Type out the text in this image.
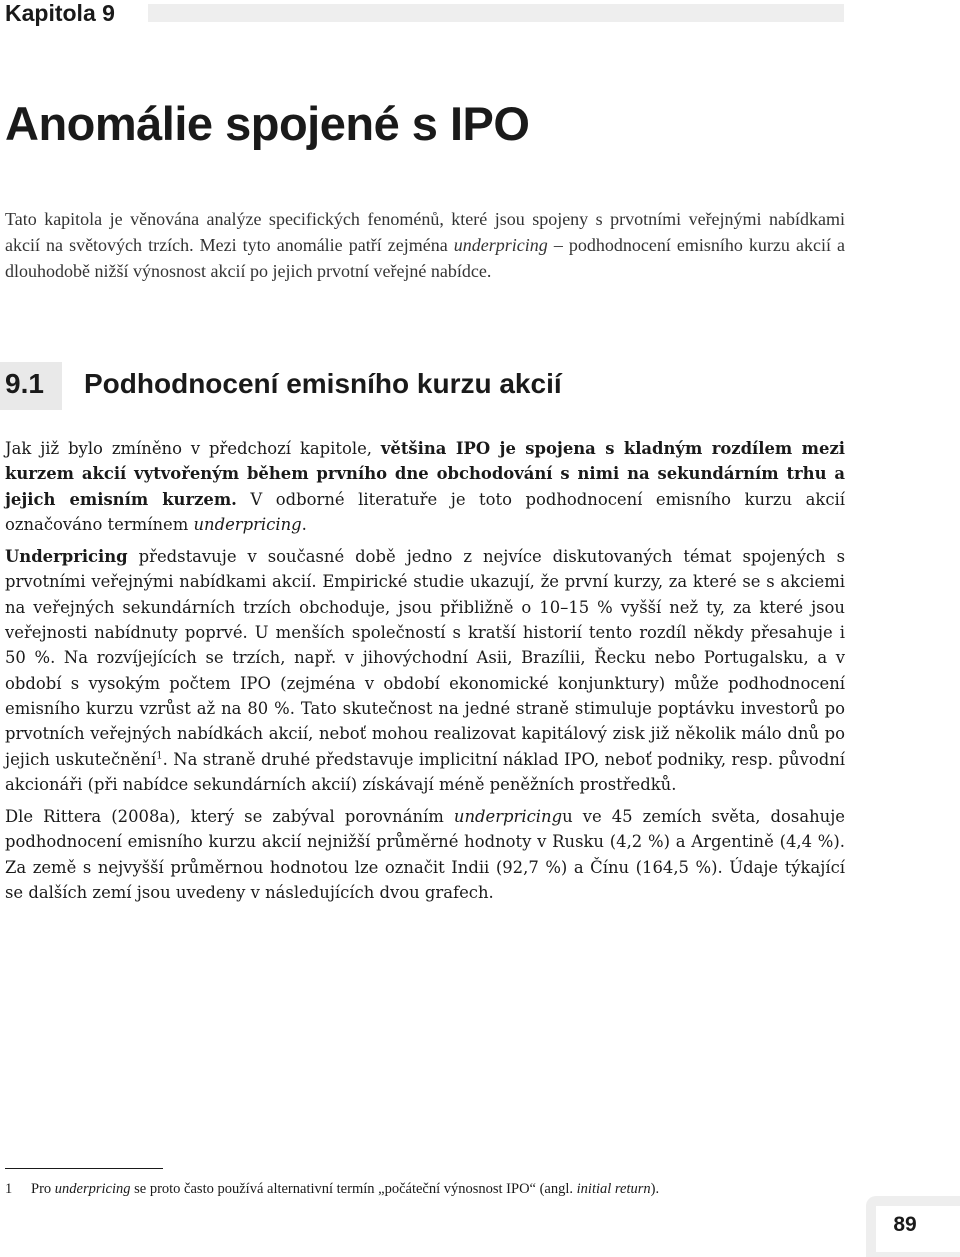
Kapitola 9
Anomálie spojené s IPO

Tato kapitola je věnována analýze specifických fenoménů, které jsou spojeny s prvotními veřejnými nabídkami akcií na světových trzích. Mezi tyto anomálie patří zejména underpricing – podhodnocení emisního kurzu akcií a dlouhodobě nižší výnosnost akcií po jejich prvotní veřejné nabídce.

9.1 Podhodnocení emisního kurzu akcií

Jak již bylo zmíněno v předchozí kapitole, většina IPO je spojena s kladným rozdílem mezi kurzem akcií vytvořeným během prvního dne obchodování s nimi na sekundárním trhu a jejich emisním kurzem. V odborné literatuře je toto podhodnocení emisního kurzu akcií označováno termínem underpricing.

Underpricing představuje v současné době jedno z nejvíce diskutovaných témat spojených s prvotními veřejnými nabídkami akcií. Empirické studie ukazují, že první kurzy, za které se s akciemi na veřejných sekundárních trzích obchoduje, jsou přibližně o 10–15 % vyšší než ty, za které jsou veřejnosti nabídnuty poprvé. U menších společností s kratší historií tento rozdíl někdy přesahuje i 50 %. Na rozvíjejících se trzích, např. v jihovýchodní Asii, Brazílii, Řecku nebo Portugalsku, a v období s vysokým počtem IPO (zejména v období ekonomické konjunktury) může podhodnocení emisního kurzu vzrůst až na 80 %. Tato skutečnost na jedné straně stimuluje poptávku investorů po prvotních veřejných nabídkách akcií, neboť mohou realizovat kapitálový zisk již několik málo dnů po jejich uskutečnění$^1$. Na straně druhé představuje implicitní náklad IPO, neboť podniky, resp. původní akcionáři (při nabídce sekundárních akcií) získávají méně peněžních prostředků.

Dle Rittera (2008a), který se zabýval porovnáním underpricingu ve 45 zemích světa, dosahuje podhodnocení emisního kurzu akcií nejnižší průměrné hodnoty v Rusku (4,2 %) a Argentině (4,4 %). Za země s nejvyšší průměrnou hodnotou lze označit Indii (92,7 %) a Čínu (164,5 %). Údaje týkající se dalších zemí jsou uvedeny v následujících dvou grafech.

1 Pro underpricing se proto často používá alternativní termín „počáteční výnosnost IPO“ (angl. initial return).
89
